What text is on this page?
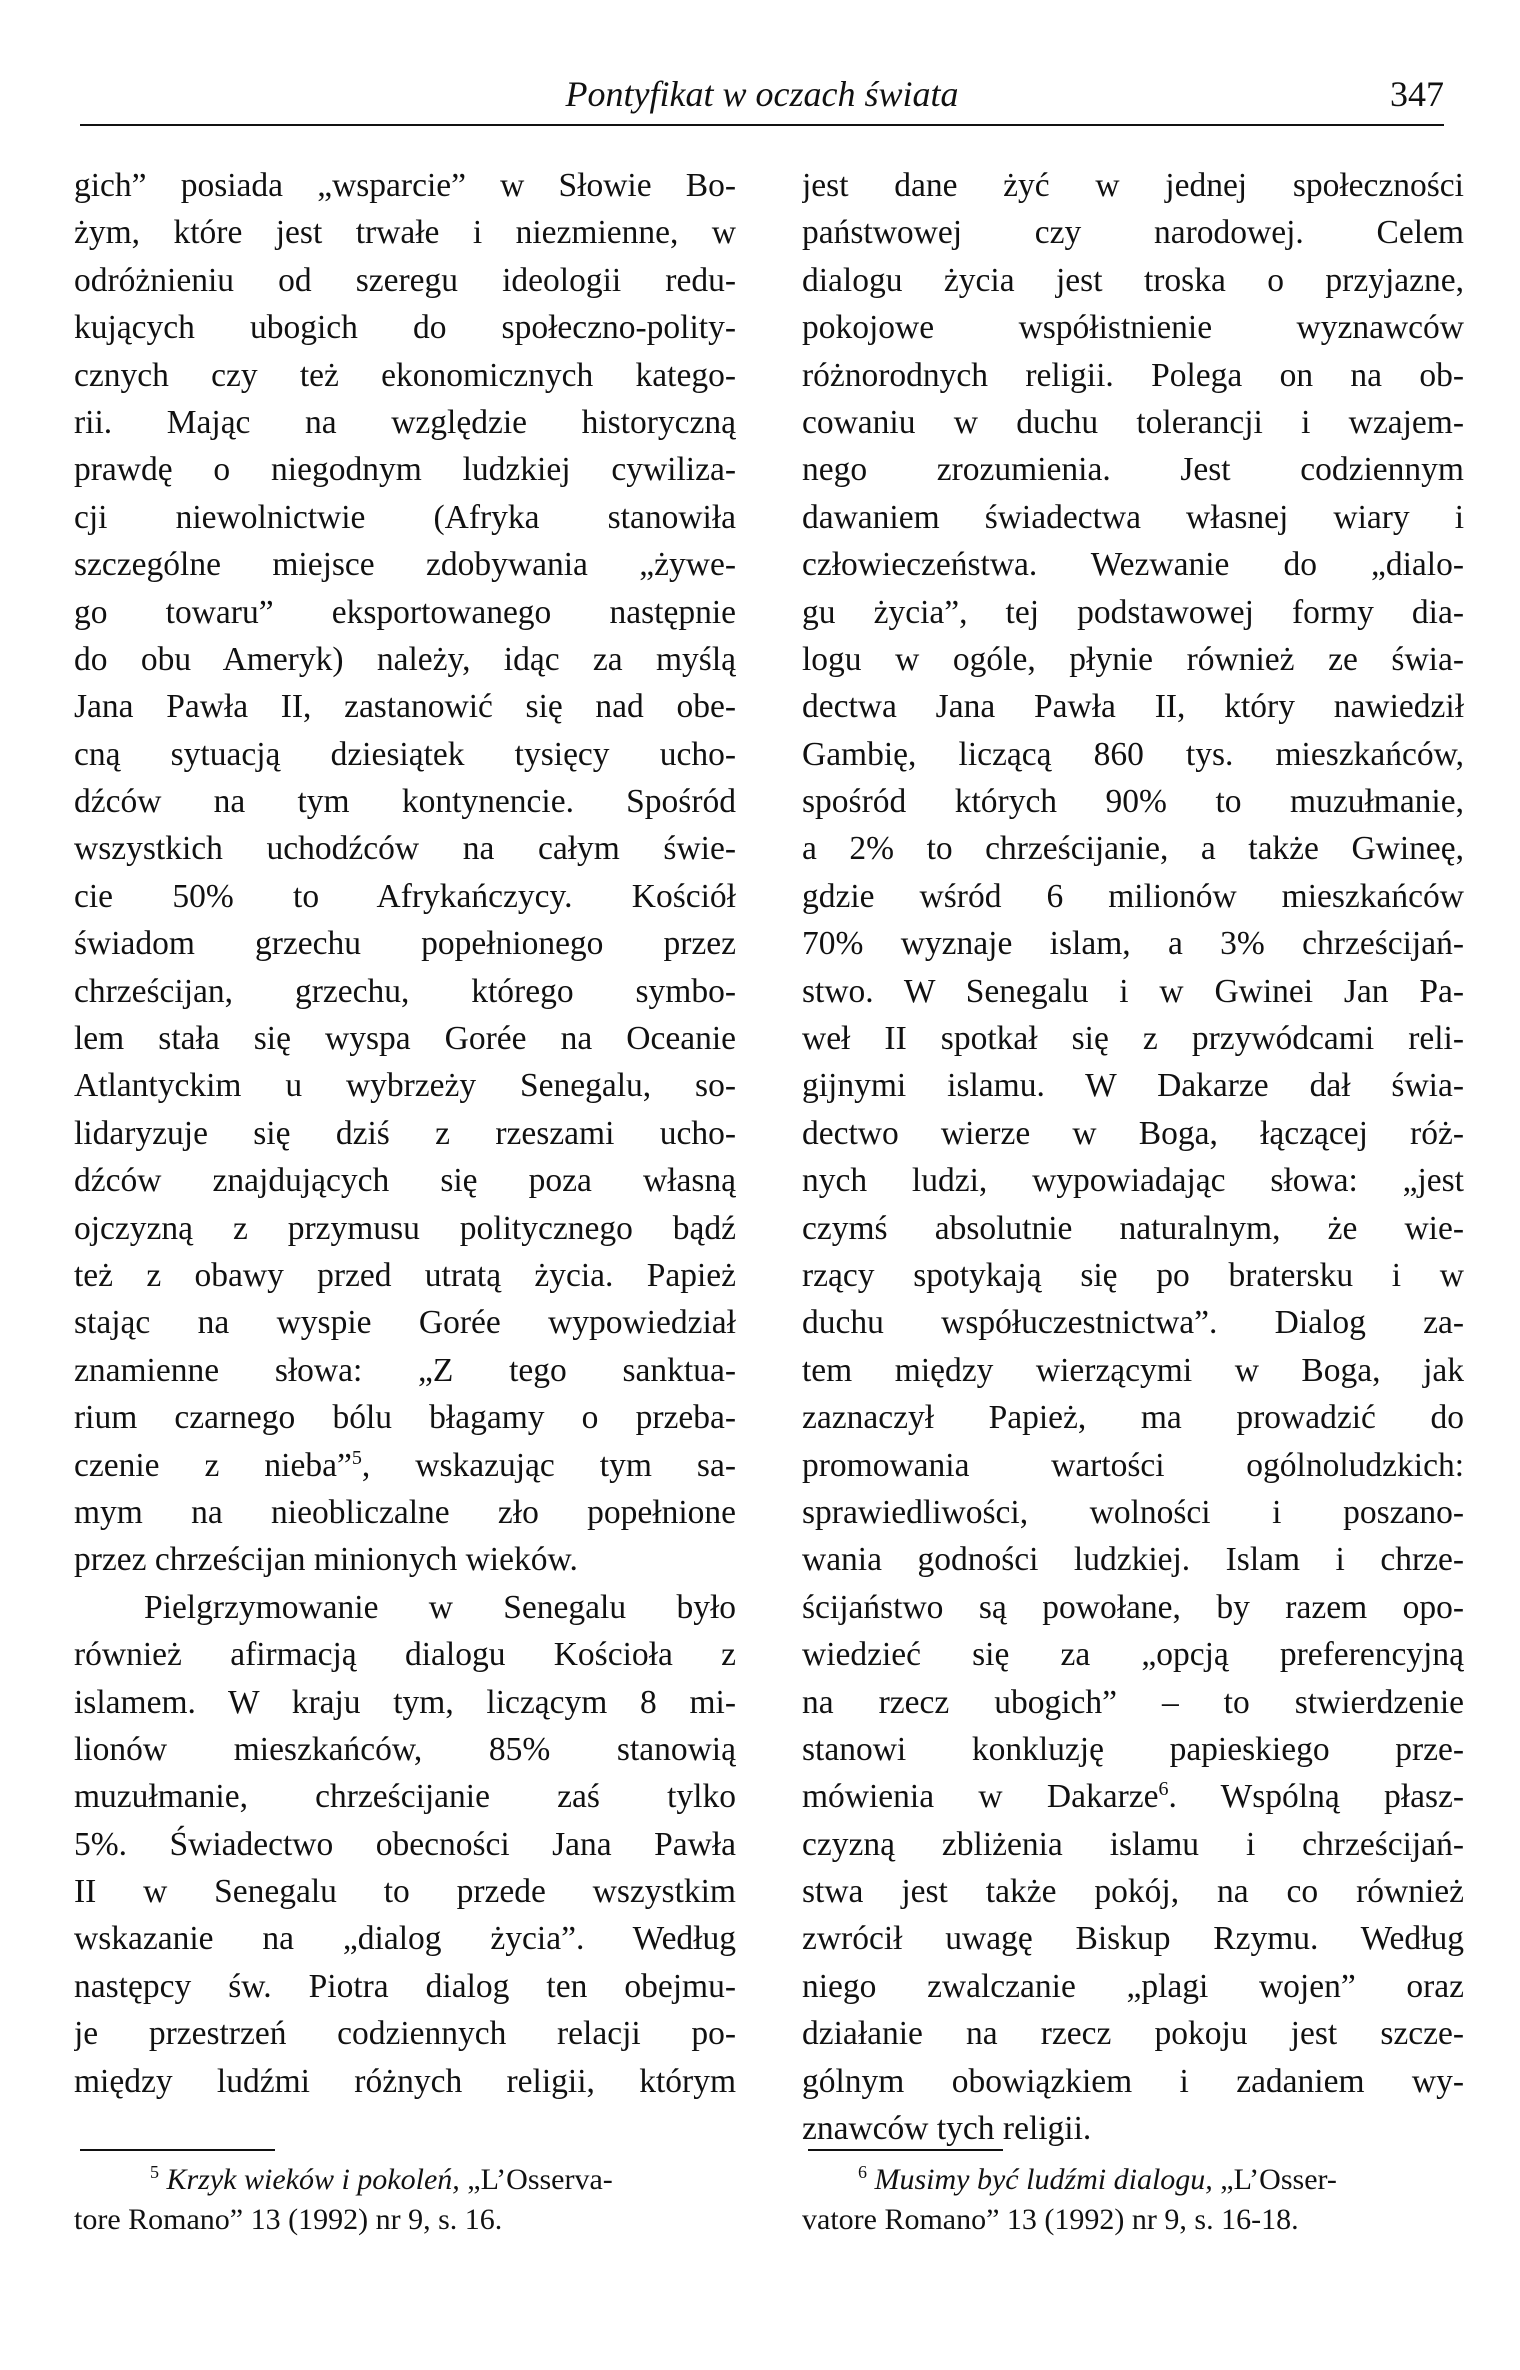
Pontyfikat w oczach świata	347
gich” posiada „wsparcie” w Słowie Bo-
żym, które jest trwałe i niezmienne, w
odróżnieniu od szeregu ideologii redu-
kujących ubogich do społeczno-polity-
cznych czy też ekonomicznych katego-
rii. Mając na względzie historyczną
prawdę o niegodnym ludzkiej cywiliza-
cji niewolnictwie (Afryka stanowiła
szczególne miejsce zdobywania „żywe-
go towaru” eksportowanego następnie
do obu Ameryk) należy, idąc za myślą
Jana Pawła II, zastanowić się nad obe-
cną sytuacją dziesiątek tysięcy ucho-
dźców na tym kontynencie. Spośród
wszystkich uchodźców na całym świe-
cie 50% to Afrykańczycy. Kościół
świadom grzechu popełnionego przez
chrześcijan, grzechu, którego symbo-
lem stała się wyspa Gorée na Oceanie
Atlantyckim u wybrzeży Senegalu, so-
lidaryzuje się dziś z rzeszami ucho-
dźców znajdujących się poza własną
ojczyzną z przymusu politycznego bądź
też z obawy przed utratą życia. Papież
stając na wyspie Gorée wypowiedział
znamienne słowa: „Z tego sanktua-
rium czarnego bólu błagamy o przeba-
czenie z nieba”$^5$, wskazując tym sa-
mym na nieobliczalne zło popełnione
przez chrześcijan minionych wieków.
Pielgrzymowanie w Senegalu było
również afirmacją dialogu Kościoła z
islamem. W kraju tym, liczącym 8 mi-
lionów mieszkańców, 85% stanowią
muzułmanie, chrześcijanie zaś tylko
5%. Świadectwo obecności Jana Pawła
II w Senegalu to przede wszystkim
wskazanie na „dialog życia”. Według
następcy św. Piotra dialog ten obejmu-
je przestrzeń codziennych relacji po-
między ludźmi różnych religii, którym
jest dane żyć w jednej społeczności
państwowej czy narodowej. Celem
dialogu życia jest troska o przyjazne,
pokojowe współistnienie wyznawców
różnorodnych religii. Polega on na ob-
cowaniu w duchu tolerancji i wzajem-
nego zrozumienia. Jest codziennym
dawaniem świadectwa własnej wiary i
człowieczeństwa. Wezwanie do „dialo-
gu życia”, tej podstawowej formy dia-
logu w ogóle, płynie również ze świa-
dectwa Jana Pawła II, który nawiedził
Gambię, liczącą 860 tys. mieszkańców,
spośród których 90% to muzułmanie,
a 2% to chrześcijanie, a także Gwineę,
gdzie wśród 6 milionów mieszkańców
70% wyznaje islam, a 3% chrześcijań-
stwo. W Senegalu i w Gwinei Jan Pa-
weł II spotkał się z przywódcami reli-
gijnymi islamu. W Dakarze dał świa-
dectwo wierze w Boga, łączącej róż-
nych ludzi, wypowiadając słowa: „jest
czymś absolutnie naturalnym, że wie-
rzący spotykają się po bratersku i w
duchu współuczestnictwa”. Dialog za-
tem między wierzącymi w Boga, jak
zaznaczył Papież, ma prowadzić do
promowania wartości ogólnoludzkich:
sprawiedliwości, wolności i poszano-
wania godności ludzkiej. Islam i chrze-
ścijaństwo są powołane, by razem opo-
wiedzieć się za „opcją preferencyjną
na rzecz ubogich” – to stwierdzenie
stanowi konkluzję papieskiego prze-
mówienia w Dakarze$^6$. Wspólną płasz-
czyzną zbliżenia islamu i chrześcijań-
stwa jest także pokój, na co również
zwrócił uwagę Biskup Rzymu. Według
niego zwalczanie „plagi wojen” oraz
działanie na rzecz pokoju jest szcze-
gólnym obowiązkiem i zadaniem wy-
znawców tych religii.
$^5$ Krzyk wieków i pokoleń, „L’Osserva-
tore Romano” 13 (1992) nr 9, s. 16.
$^6$ Musimy być ludźmi dialogu, „L’Osser-
vatore Romano” 13 (1992) nr 9, s. 16-18.
